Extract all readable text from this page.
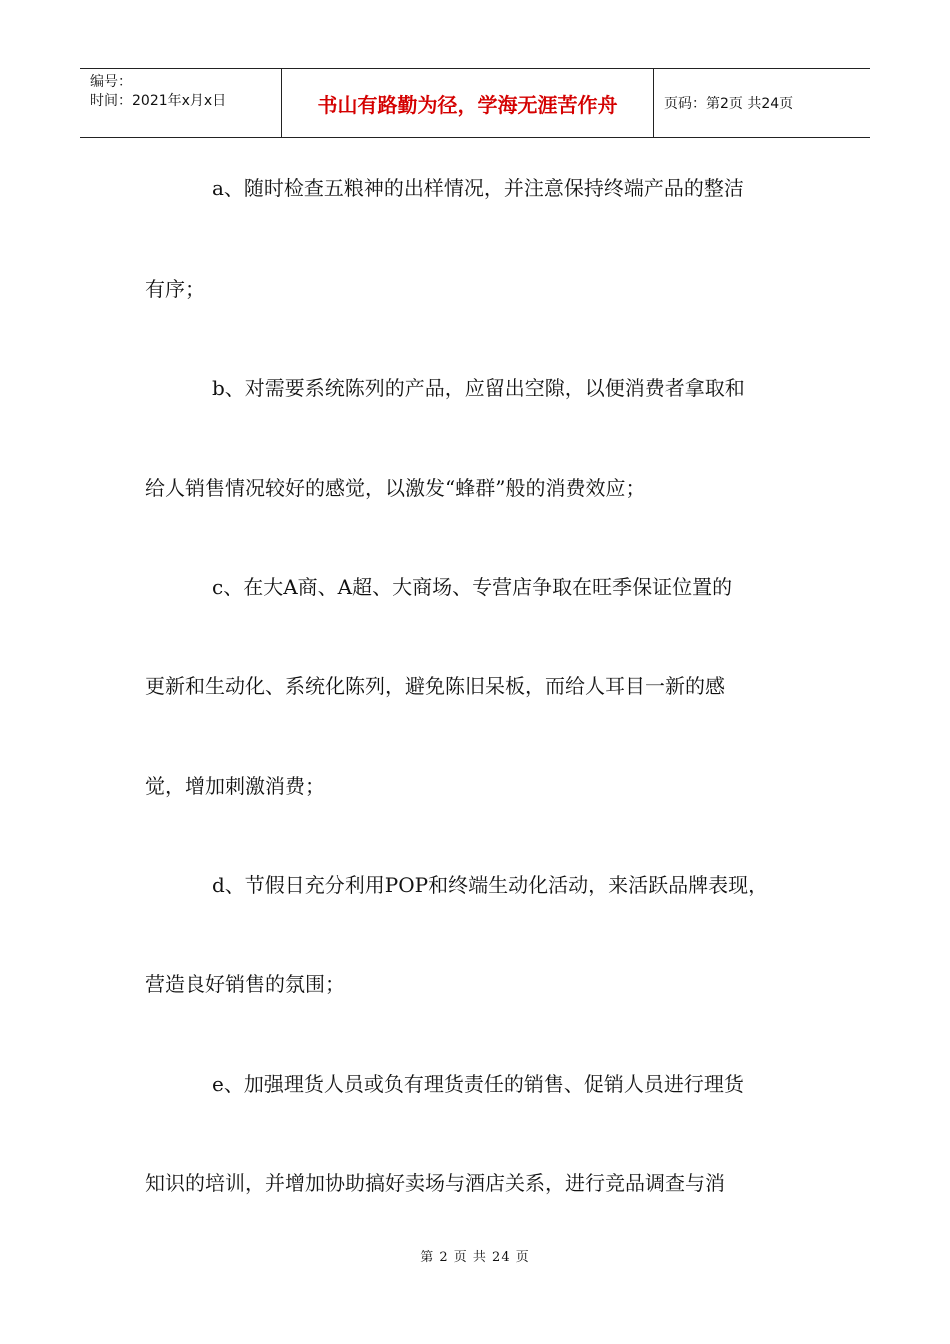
编号：
时间：2021年x月x日	书山有路勤为径，学海无涯苦作舟	页码：第2页 共24页
a、随时检查五粮神的出样情况，并注意保持终端产品的整洁
有序；
b、对需要系统陈列的产品，应留出空隙，以便消费者拿取和
给人销售情况较好的感觉，以激发“蜂群”般的消费效应；
c、在大A商、A超、大商场、专营店争取在旺季保证位置的
更新和生动化、系统化陈列，避免陈旧呆板，而给人耳目一新的感
觉，增加刺激消费；
d、节假日充分利用POP和终端生动化活动，来活跃品牌表现，
营造良好销售的氛围；
e、加强理货人员或负有理货责任的销售、促销人员进行理货
知识的培训，并增加协助搞好卖场与酒店关系，进行竞品调查与消
第 2 页 共 24 页
